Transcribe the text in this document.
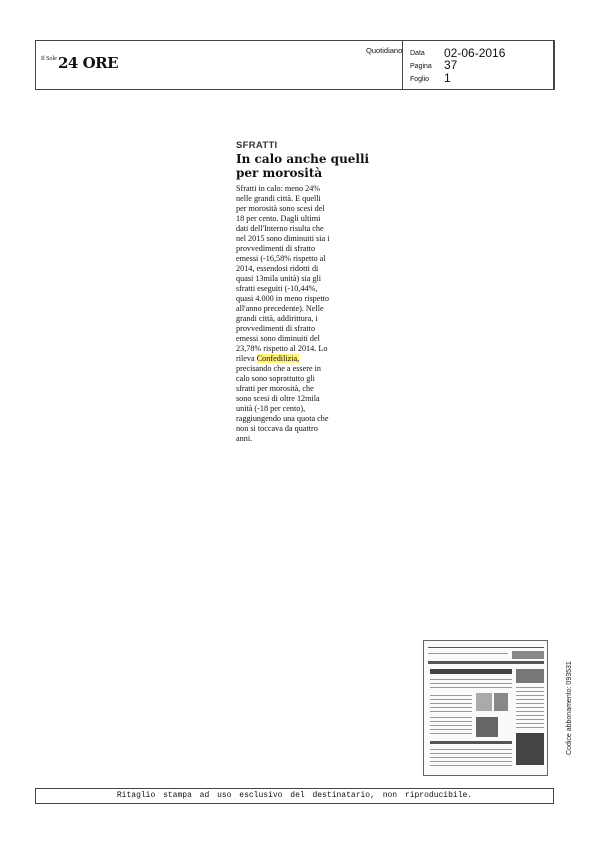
Il Sole 24 ORE
Quotidiano Data 02-06-2016
Pagina 37
Foglio 1
SFRATTI
In calo anche quelli
per morosità
Sfratti in calo: meno 24%
nelle grandi città. E quelli
per morosità sono scesi del
18 per cento. Dagli ultimi
dati dell'Interno risulta che
nel 2015 sono diminuiti sia i
provvedimenti di sfratto
emessi (-16,58% rispetto al
2014, essendosi ridotti di
quasi 13mila unità) sia gli
sfratti eseguiti (-10,44%,
quasi 4.000 in meno rispetto
all'anno precedente). Nelle
grandi città, addirittura, i
provvedimenti di sfratto
emessi sono diminuiti del
23,78% rispetto al 2014. Lo
rileva Confedilizia,
precisando che a essere in
calo sono soprattutto gli
sfratti per morosità, che
sono scesi di oltre 12mila
unità (-18 per cento),
raggiungendo una quota che
non si toccava da quattro
anni.
Codice abbonamento: 093531
Ritaglio stampa ad uso esclusivo del destinatario, non riproducibile.
